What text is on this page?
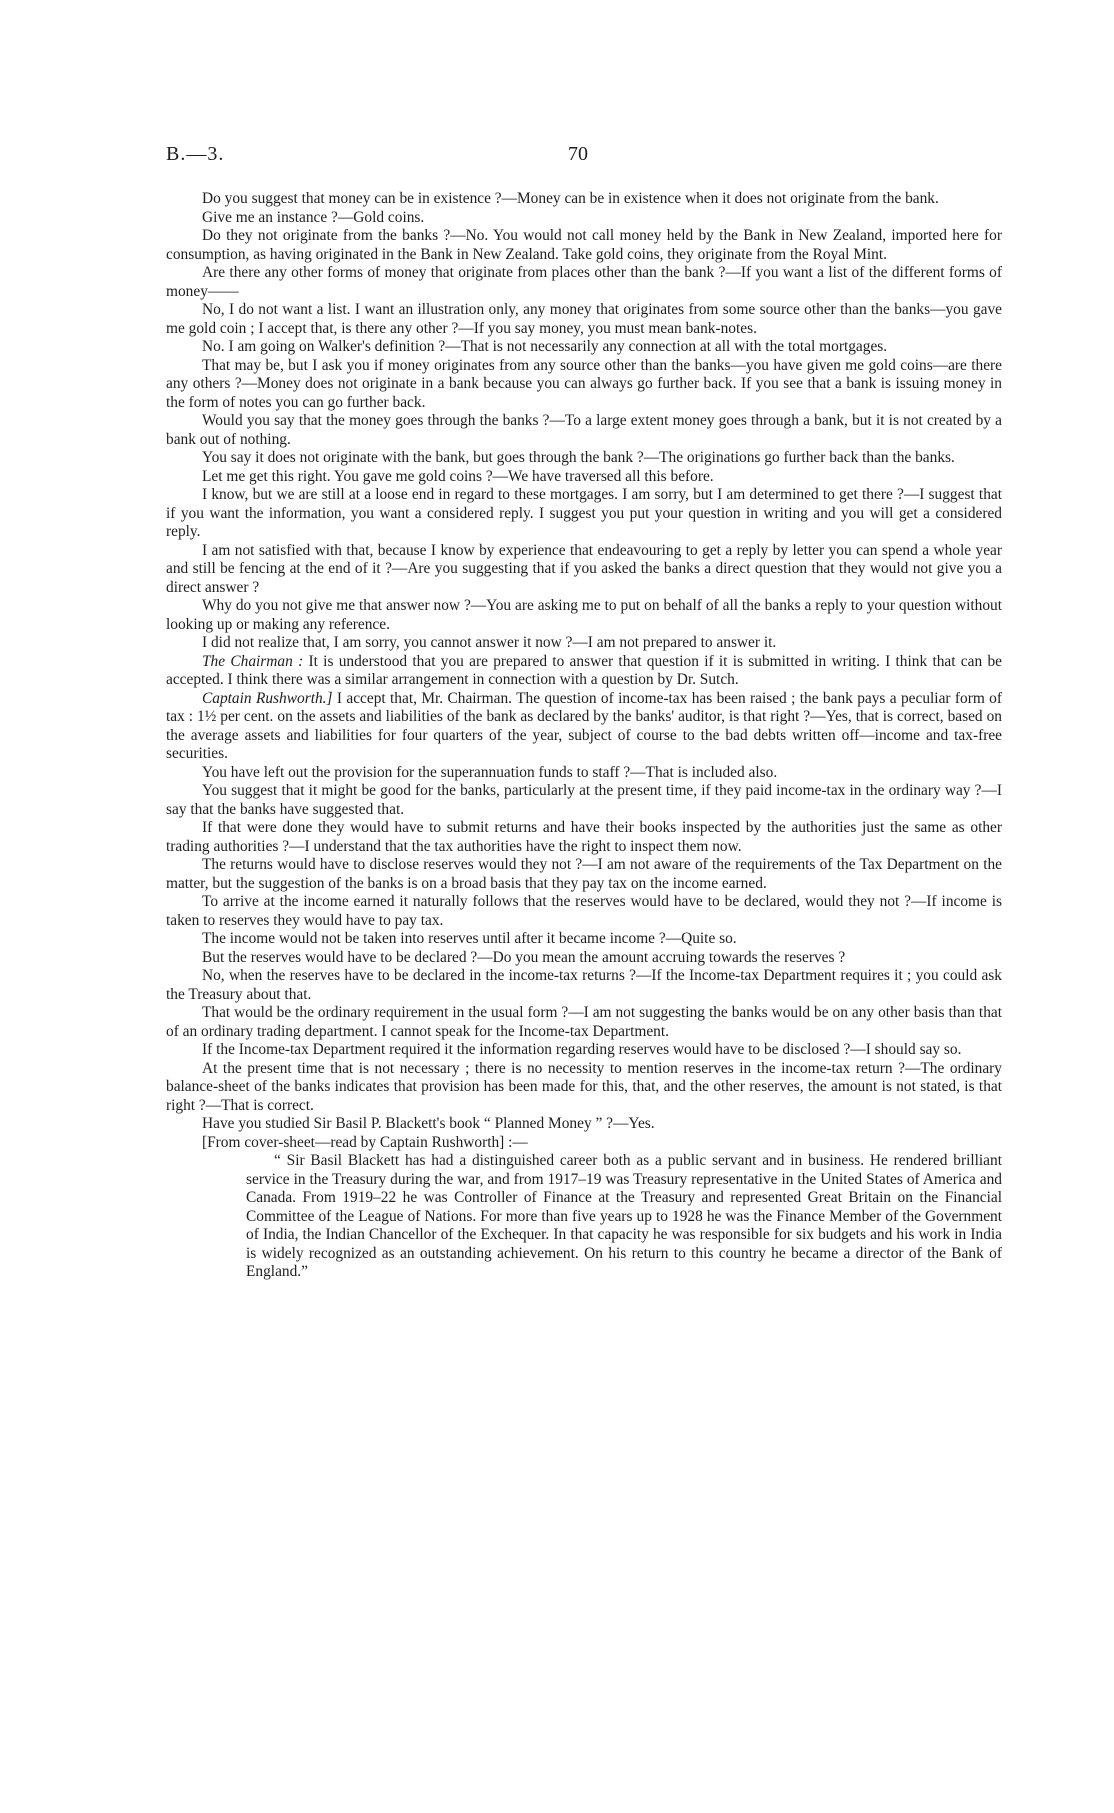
B.—3.	70

Do you suggest that money can be in existence ?—Money can be in existence when it does not originate from the bank.

Give me an instance ?—Gold coins.

Do they not originate from the banks ?—No. You would not call money held by the Bank in New Zealand, imported here for consumption, as having originated in the Bank in New Zealand. Take gold coins, they originate from the Royal Mint.

Are there any other forms of money that originate from places other than the bank ?—If you want a list of the different forms of money——

No, I do not want a list. I want an illustration only, any money that originates from some source other than the banks—you gave me gold coin ; I accept that, is there any other ?—If you say money, you must mean bank-notes.

No. I am going on Walker's definition ?—That is not necessarily any connection at all with the total mortgages.

That may be, but I ask you if money originates from any source other than the banks—you have given me gold coins—are there any others ?—Money does not originate in a bank because you can always go further back. If you see that a bank is issuing money in the form of notes you can go further back.

Would you say that the money goes through the banks ?—To a large extent money goes through a bank, but it is not created by a bank out of nothing.

You say it does not originate with the bank, but goes through the bank ?—The originations go further back than the banks.

Let me get this right. You gave me gold coins ?—We have traversed all this before.

I know, but we are still at a loose end in regard to these mortgages. I am sorry, but I am determined to get there ?—I suggest that if you want the information, you want a considered reply. I suggest you put your question in writing and you will get a considered reply.

I am not satisfied with that, because I know by experience that endeavouring to get a reply by letter you can spend a whole year and still be fencing at the end of it ?—Are you suggesting that if you asked the banks a direct question that they would not give you a direct answer ?

Why do you not give me that answer now ?—You are asking me to put on behalf of all the banks a reply to your question without looking up or making any reference.

I did not realize that, I am sorry, you cannot answer it now ?—I am not prepared to answer it.

The Chairman : It is understood that you are prepared to answer that question if it is submitted in writing. I think that can be accepted. I think there was a similar arrangement in connection with a question by Dr. Sutch.

Captain Rushworth.] I accept that, Mr. Chairman. The question of income-tax has been raised ; the bank pays a peculiar form of tax : 1½ per cent. on the assets and liabilities of the bank as declared by the banks' auditor, is that right ?—Yes, that is correct, based on the average assets and liabilities for four quarters of the year, subject of course to the bad debts written off—income and tax-free securities.

You have left out the provision for the superannuation funds to staff ?—That is included also.

You suggest that it might be good for the banks, particularly at the present time, if they paid income-tax in the ordinary way ?—I say that the banks have suggested that.

If that were done they would have to submit returns and have their books inspected by the authorities just the same as other trading authorities ?—I understand that the tax authorities have the right to inspect them now.

The returns would have to disclose reserves would they not ?—I am not aware of the requirements of the Tax Department on the matter, but the suggestion of the banks is on a broad basis that they pay tax on the income earned.

To arrive at the income earned it naturally follows that the reserves would have to be declared, would they not ?—If income is taken to reserves they would have to pay tax.

The income would not be taken into reserves until after it became income ?—Quite so.

But the reserves would have to be declared ?—Do you mean the amount accruing towards the reserves ?

No, when the reserves have to be declared in the income-tax returns ?—If the Income-tax Department requires it ; you could ask the Treasury about that.

That would be the ordinary requirement in the usual form ?—I am not suggesting the banks would be on any other basis than that of an ordinary trading department. I cannot speak for the Income-tax Department.

If the Income-tax Department required it the information regarding reserves would have to be disclosed ?—I should say so.

At the present time that is not necessary ; there is no necessity to mention reserves in the income-tax return ?—The ordinary balance-sheet of the banks indicates that provision has been made for this, that, and the other reserves, the amount is not stated, is that right ?—That is correct.

Have you studied Sir Basil P. Blackett's book “ Planned Money ” ?—Yes.

[From cover-sheet—read by Captain Rushworth] :—

“ Sir Basil Blackett has had a distinguished career both as a public servant and in business. He rendered brilliant service in the Treasury during the war, and from 1917–19 was Treasury representative in the United States of America and Canada. From 1919–22 he was Controller of Finance at the Treasury and represented Great Britain on the Financial Committee of the League of Nations. For more than five years up to 1928 he was the Finance Member of the Government of India, the Indian Chancellor of the Exchequer. In that capacity he was responsible for six budgets and his work in India is widely recognized as an outstanding achievement. On his return to this country he became a director of the Bank of England.”
